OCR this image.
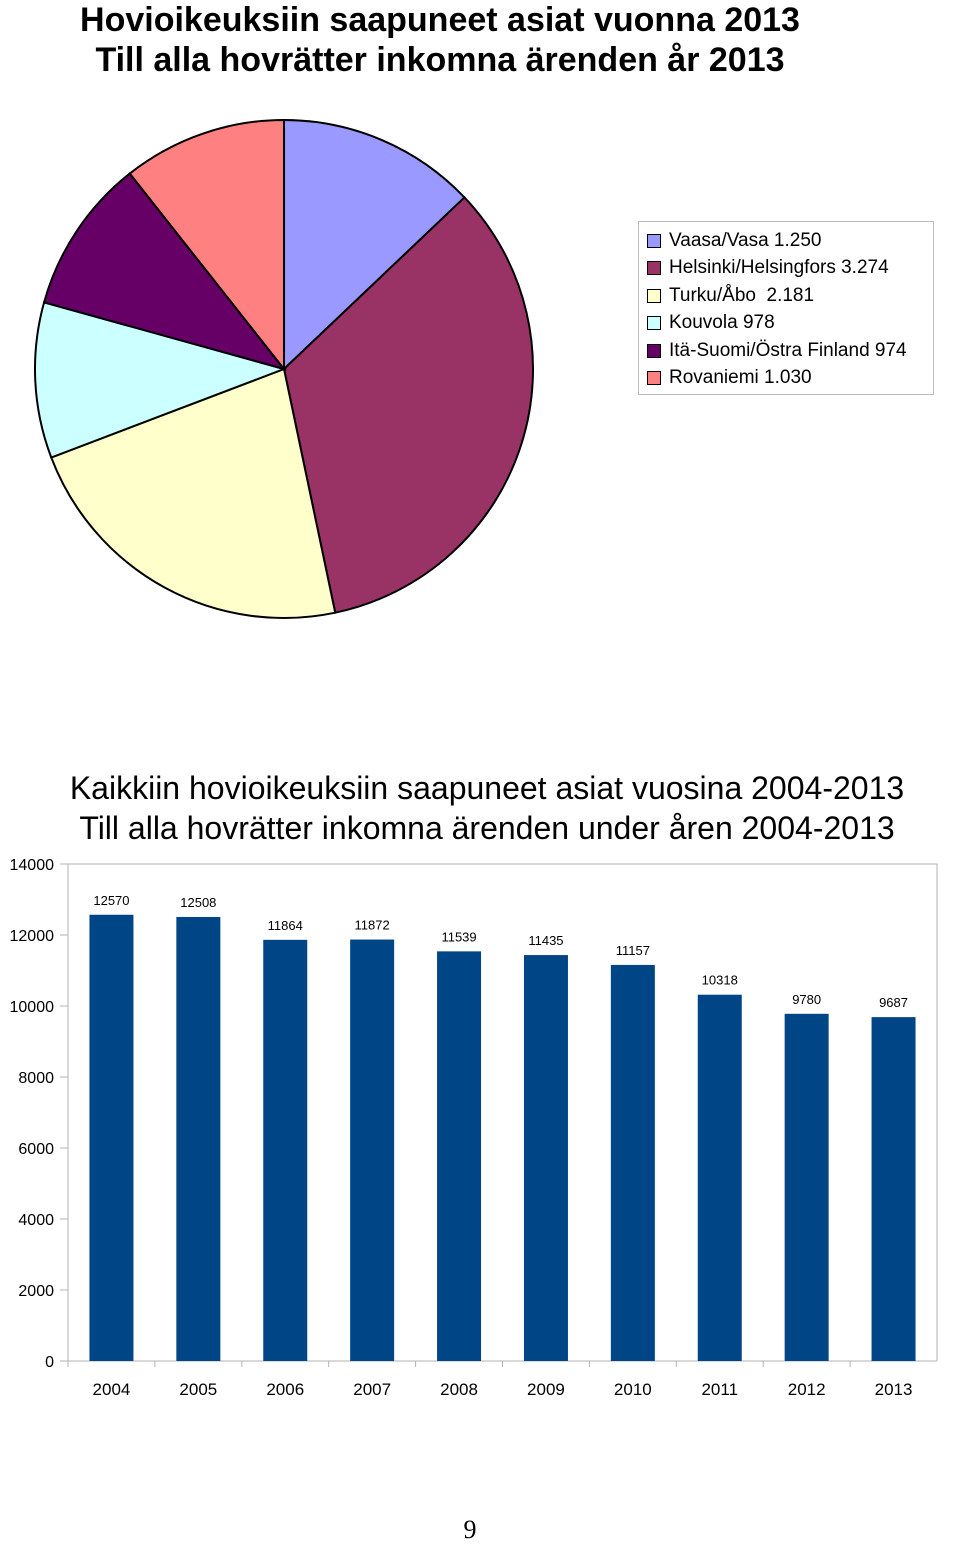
Hovioikeuksiin saapuneet asiat vuonna 2013
Till alla hovrätter inkomna ärenden år 2013
Vaasa/Vasa 1.250
Helsinki/Helsingfors 3.274
Turku/Åbo  2.181
Kouvola 978
Itä-Suomi/Östra Finland 974
Rovaniemi 1.030
Kaikkiin hovioikeuksiin saapuneet asiat vuosina 2004-2013
Till alla hovrätter inkomna ärenden under åren 2004-2013
0
2000
4000
6000
8000
10000
12000
14000
12570
2004
12508
2005
11864
2006
11872
2007
11539
2008
11435
2009
11157
2010
10318
2011
9780
2012
9687
2013
9
